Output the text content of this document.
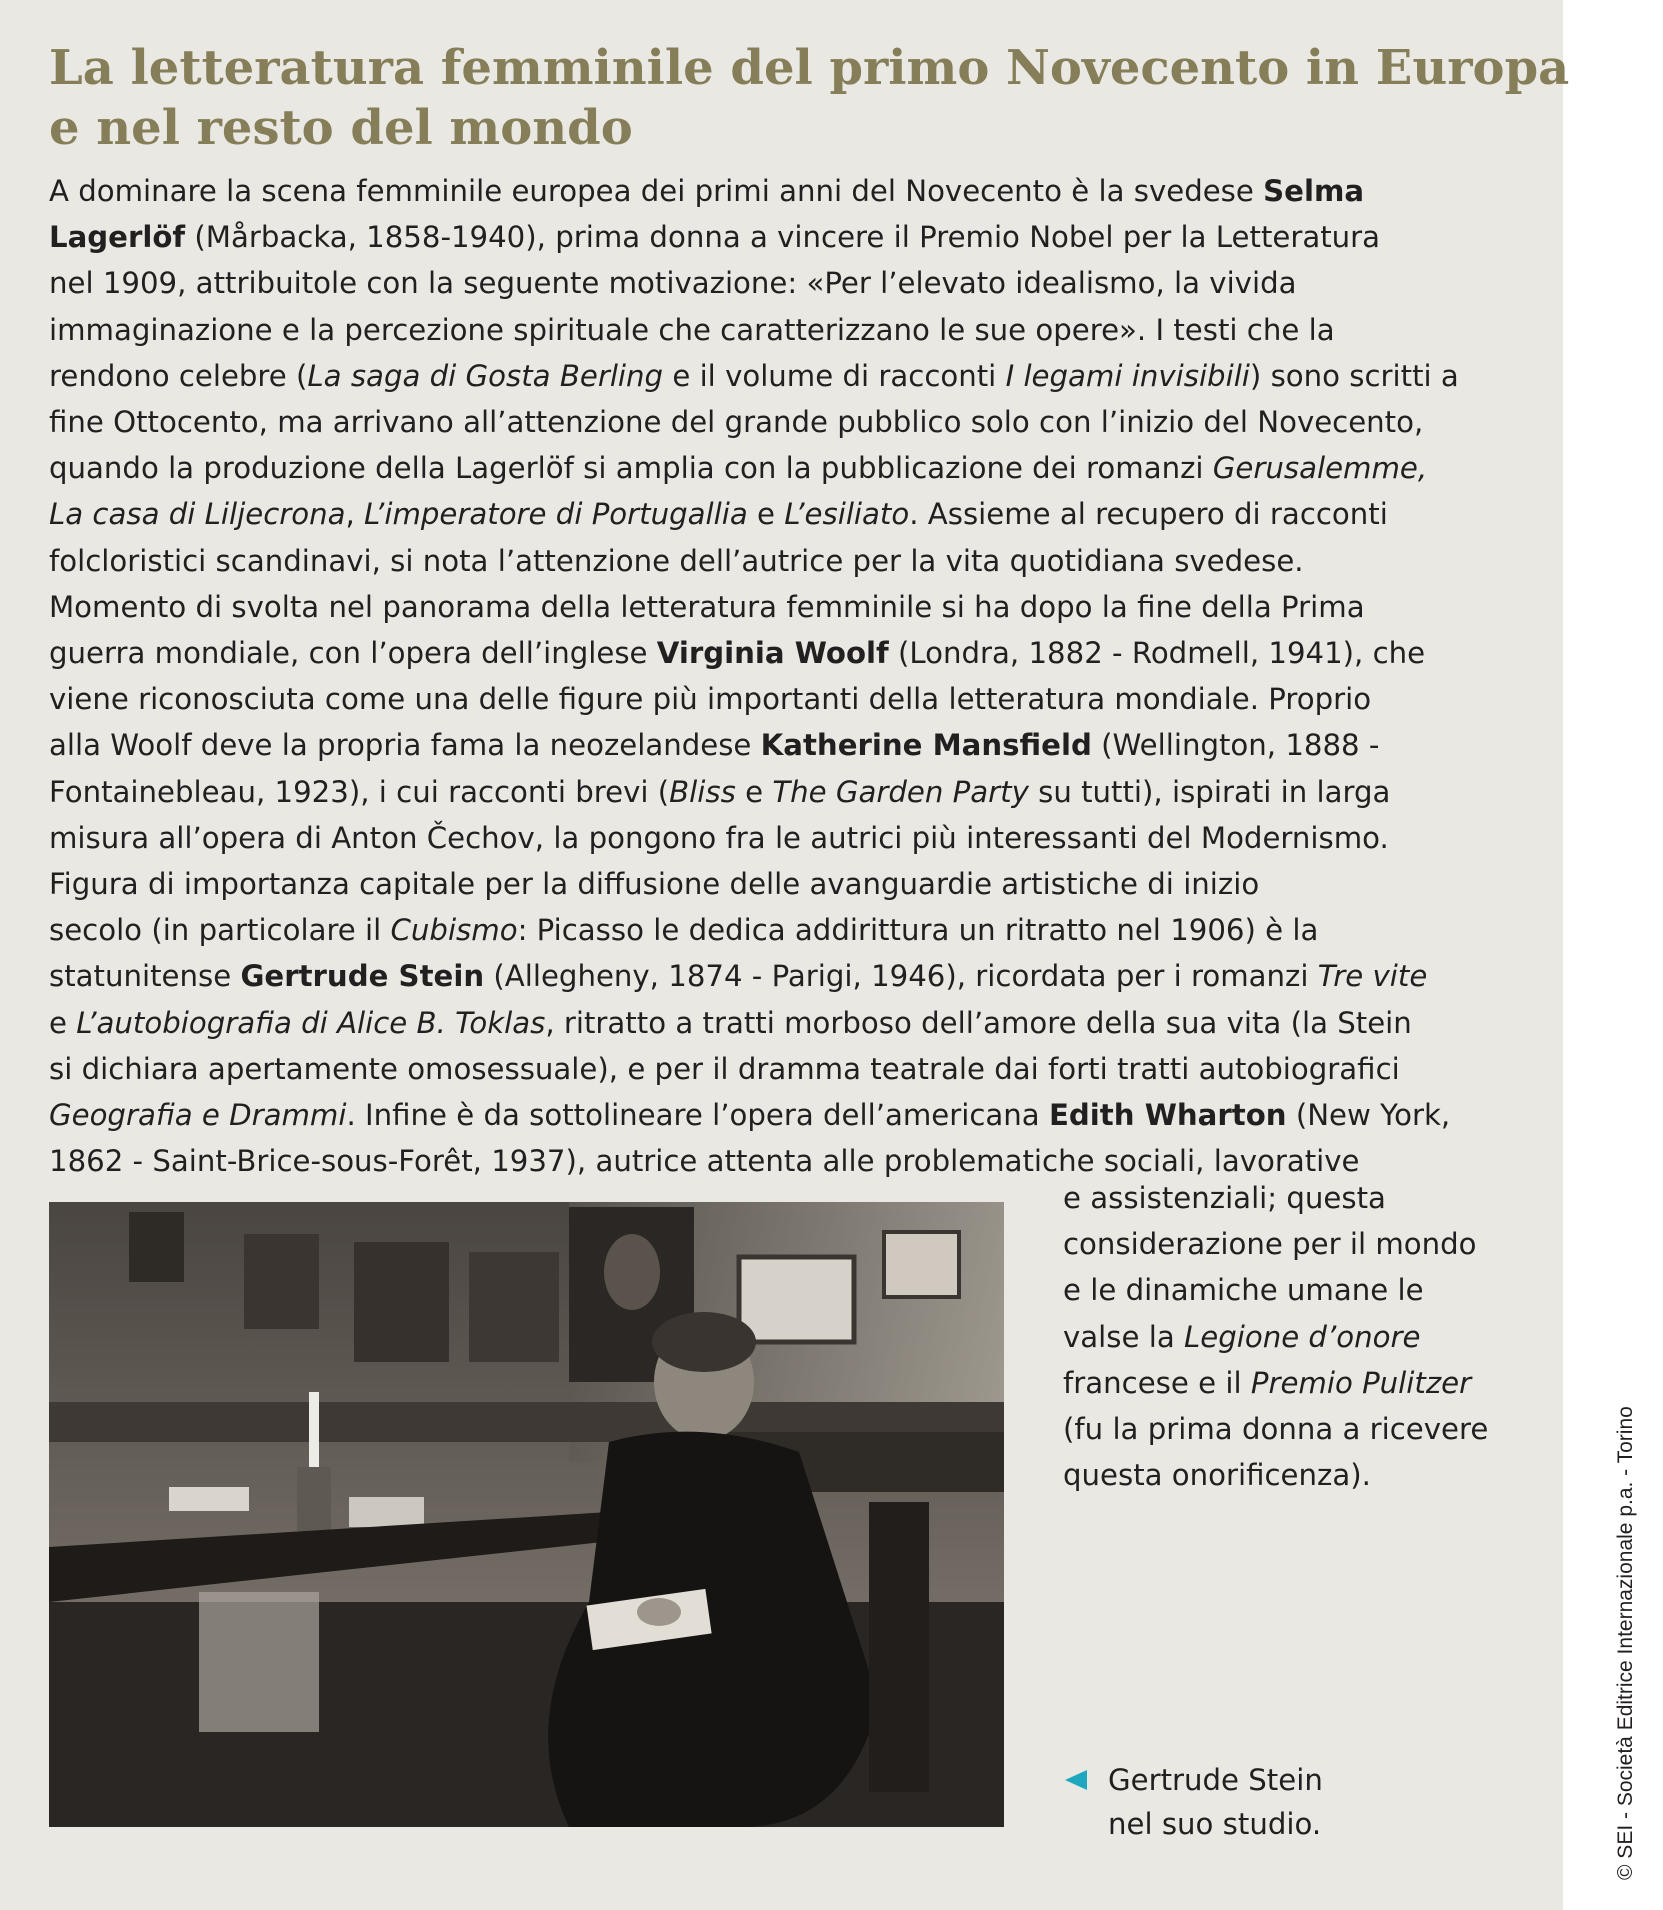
La letteratura femminile del primo Novecento in Europa
e nel resto del mondo
A dominare la scena femminile europea dei primi anni del Novecento è la svedese Selma
Lagerlöf (Mårbacka, 1858-1940), prima donna a vincere il Premio Nobel per la Letteratura
nel 1909, attribuitole con la seguente motivazione: «Per l’elevato idealismo, la vivida
immaginazione e la percezione spirituale che caratterizzano le sue opere». I testi che la
rendono celebre (La saga di Gosta Berling e il volume di racconti I legami invisibili) sono scritti a
fine Ottocento, ma arrivano all’attenzione del grande pubblico solo con l’inizio del Novecento,
quando la produzione della Lagerlöf si amplia con la pubblicazione dei romanzi Gerusalemme,
La casa di Liljecrona, L’imperatore di Portugallia e L’esiliato. Assieme al recupero di racconti
folcloristici scandinavi, si nota l’attenzione dell’autrice per la vita quotidiana svedese.
Momento di svolta nel panorama della letteratura femminile si ha dopo la fine della Prima
guerra mondiale, con l’opera dell’inglese Virginia Woolf (Londra, 1882 - Rodmell, 1941), che
viene riconosciuta come una delle figure più importanti della letteratura mondiale. Proprio
alla Woolf deve la propria fama la neozelandese Katherine Mansfield (Wellington, 1888 -
Fontainebleau, 1923), i cui racconti brevi (Bliss e The Garden Party su tutti), ispirati in larga
misura all’opera di Anton Čechov, la pongono fra le autrici più interessanti del Modernismo.
Figura di importanza capitale per la diffusione delle avanguardie artistiche di inizio
secolo (in particolare il Cubismo: Picasso le dedica addirittura un ritratto nel 1906) è la
statunitense Gertrude Stein (Allegheny, 1874 - Parigi, 1946), ricordata per i romanzi Tre vite
e L’autobiografia di Alice B. Toklas, ritratto a tratti morboso dell’amore della sua vita (la Stein
si dichiara apertamente omosessuale), e per il dramma teatrale dai forti tratti autobiografici
Geografia e Drammi. Infine è da sottolineare l’opera dell’americana Edith Wharton (New York,
1862 - Saint-Brice-sous-Forêt, 1937), autrice attenta alle problematiche sociali, lavorative
e assistenziali; questa
considerazione per il mondo
e le dinamiche umane le
valse la Legione d’onore
francese e il Premio Pulitzer
(fu la prima donna a ricevere
questa onorificenza).
Gertrude Stein
nel suo studio.	© SEI - Società Editrice Internazionale p.a. - Torino
